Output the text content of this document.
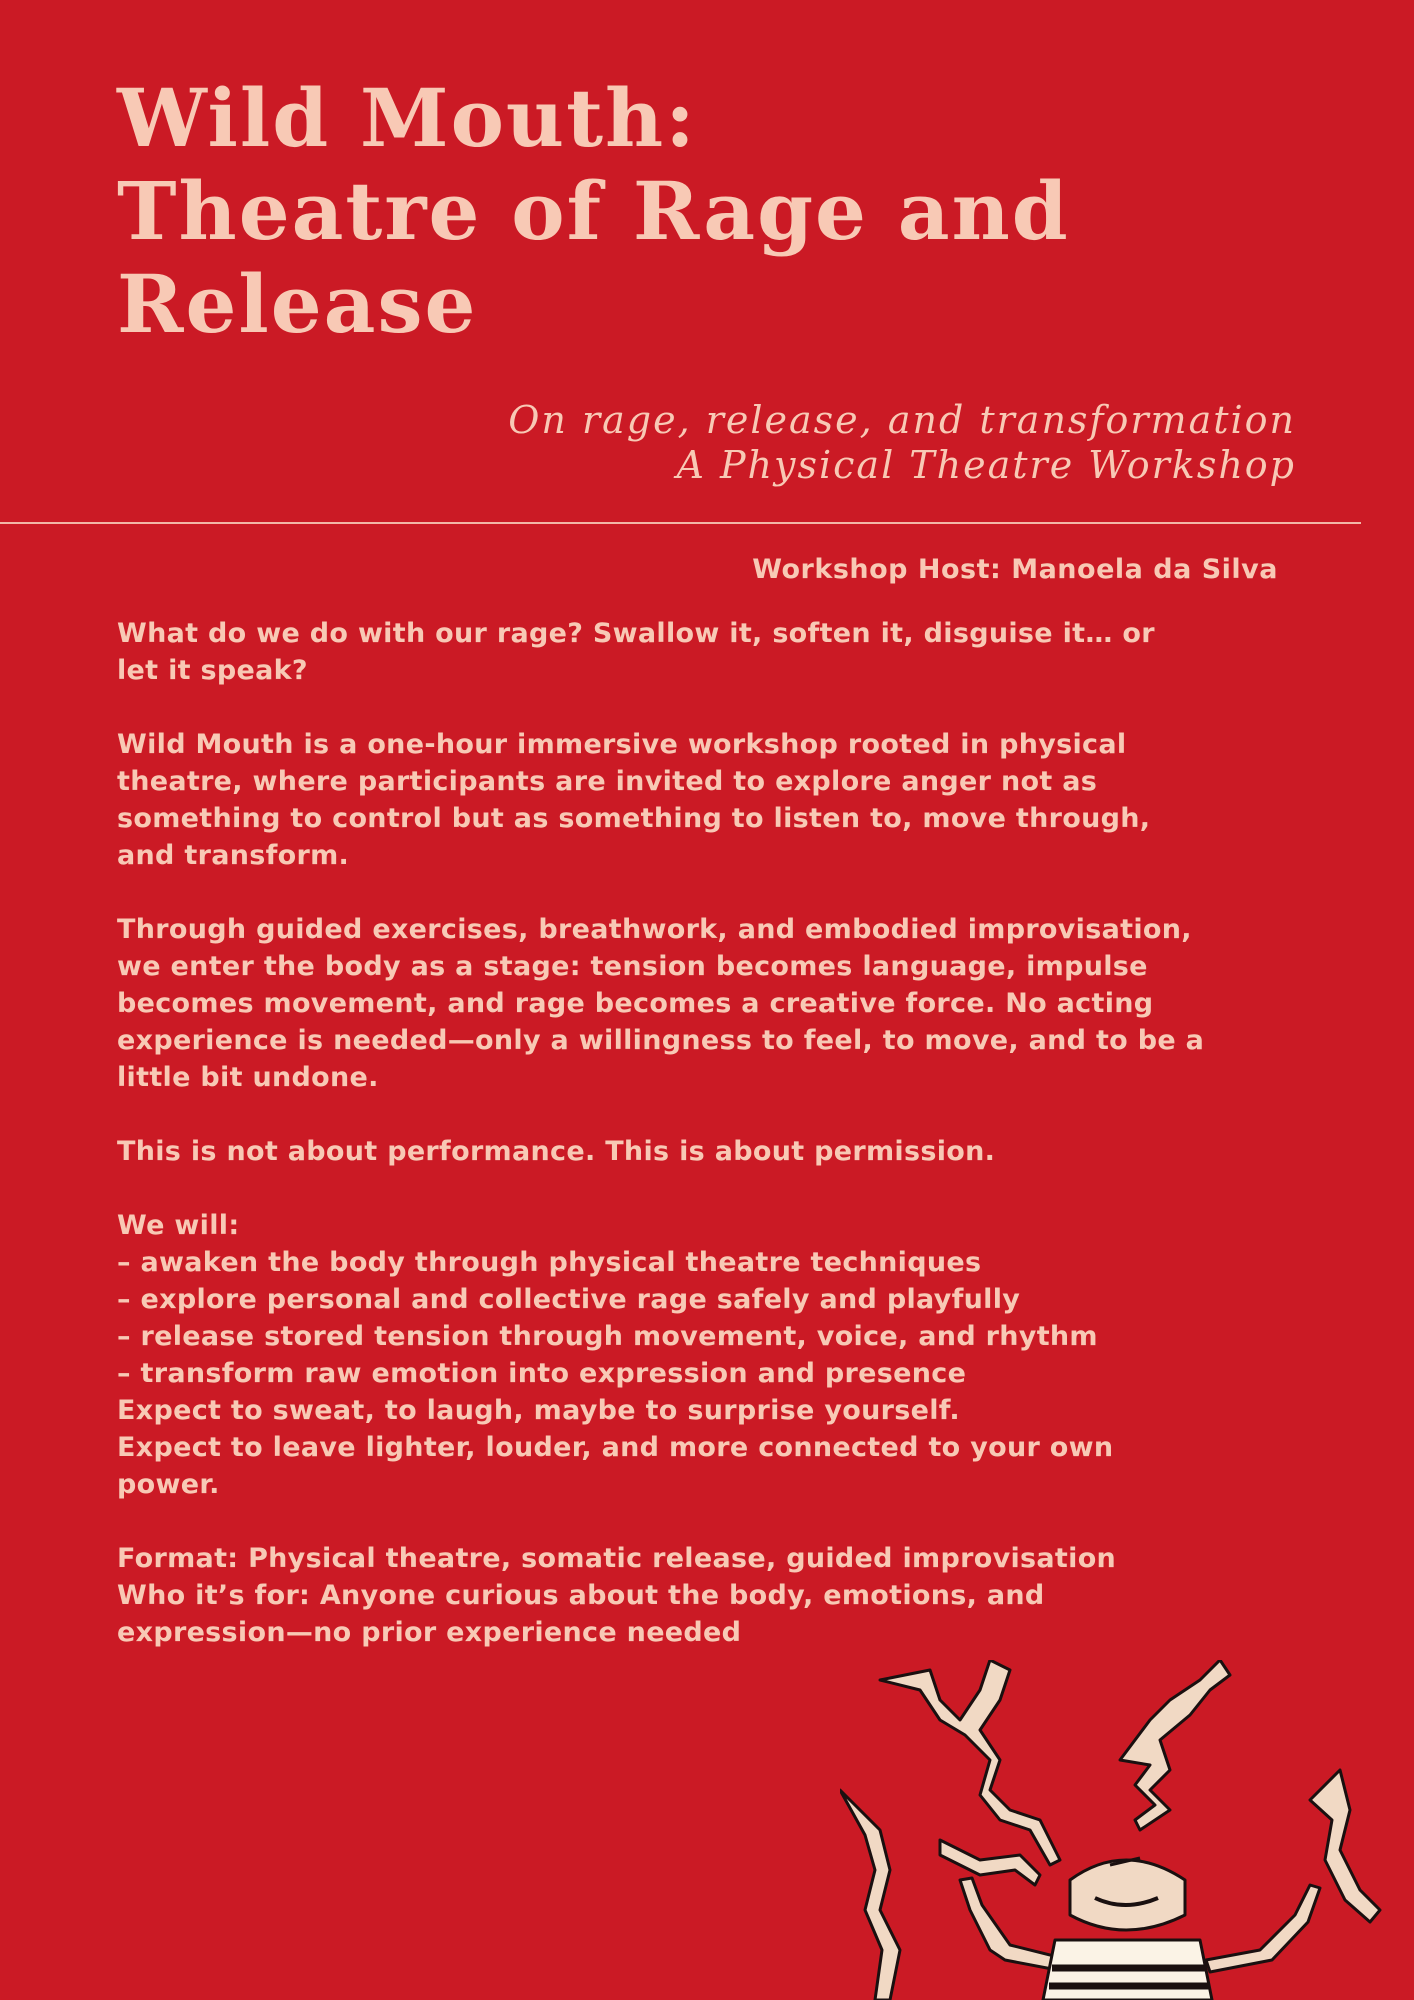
Wild Mouth:
Theatre of Rage and
Release
On rage, release, and transformation
A Physical Theatre Workshop
Workshop Host: Manoela da Silva

What do we do with our rage? Swallow it, soften it, disguise it… or
let it speak?

Wild Mouth is a one-hour immersive workshop rooted in physical
theatre, where participants are invited to explore anger not as
something to control but as something to listen to, move through,
and transform.

Through guided exercises, breathwork, and embodied improvisation,
we enter the body as a stage: tension becomes language, impulse
becomes movement, and rage becomes a creative force. No acting
experience is needed—only a willingness to feel, to move, and to be a
little bit undone.

This is not about performance. This is about permission.

We will:
– awaken the body through physical theatre techniques
– explore personal and collective rage safely and playfully
– release stored tension through movement, voice, and rhythm
– transform raw emotion into expression and presence
Expect to sweat, to laugh, maybe to surprise yourself.
Expect to leave lighter, louder, and more connected to your own
power.

Format: Physical theatre, somatic release, guided improvisation
Who it’s for: Anyone curious about the body, emotions, and
expression—no prior experience needed
